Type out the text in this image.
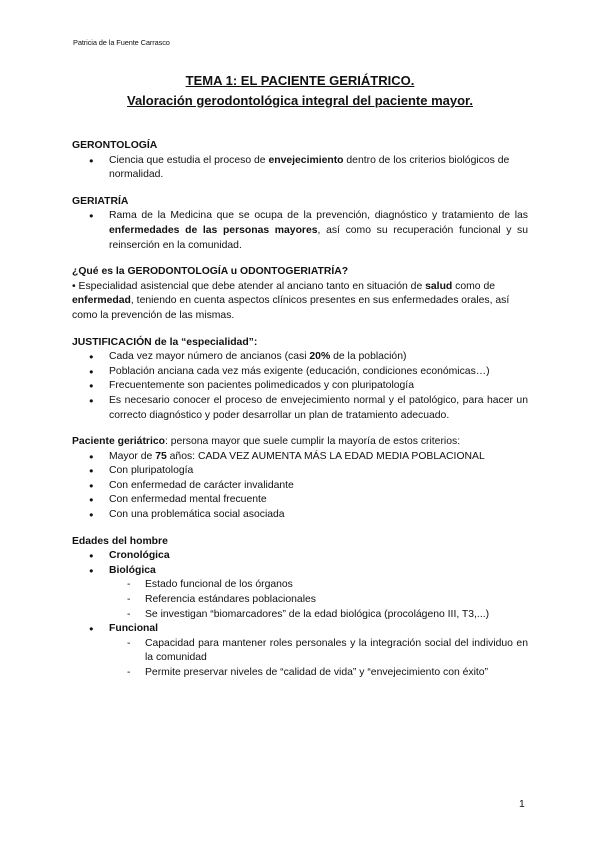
Patricia de la Fuente Carrasco
TEMA 1: EL PACIENTE GERIÁTRICO.
Valoración gerodontológica integral del paciente mayor.

GERONTOLOGÍA

● Ciencia que estudia el proceso de envejecimiento dentro de los criterios biológicos de normalidad.

GERIATRÍA

● Rama de la Medicina que se ocupa de la prevención, diagnóstico y tratamiento de las enfermedades de las personas mayores, así como su recuperación funcional y su reinserción en la comunidad.

¿Qué es la GERODONTOLOGÍA u ODONTOGERIATRÍA?

• Especialidad asistencial que debe atender al anciano tanto en situación de salud como de enfermedad, teniendo en cuenta aspectos clínicos presentes en sus enfermedades orales, así como la prevención de las mismas.

JUSTIFICACIÓN de la “especialidad”:

● Cada vez mayor número de ancianos (casi 20% de la población)
● Población anciana cada vez más exigente (educación, condiciones económicas…)
● Frecuentemente son pacientes polimedicados y con pluripatología
● Es necesario conocer el proceso de envejecimiento normal y el patológico, para hacer un correcto diagnóstico y poder desarrollar un plan de tratamiento adecuado.

Paciente geriátrico: persona mayor que suele cumplir la mayoría de estos criterios:

● Mayor de 75 años: CADA VEZ AUMENTA MÁS LA EDAD MEDIA POBLACIONAL
● Con pluripatología
● Con enfermedad de carácter invalidante
● Con enfermedad mental frecuente
● Con una problemática social asociada

Edades del hombre

● Cronológica
● Biológica
- Estado funcional de los órganos
- Referencia estándares poblacionales
- Se investigan “biomarcadores” de la edad biológica (procolágeno III, T3,...)
● Funcional
- Capacidad para mantener roles personales y la integración social del individuo en la comunidad
- Permite preservar niveles de “calidad de vida” y “envejecimiento con éxito”
1
